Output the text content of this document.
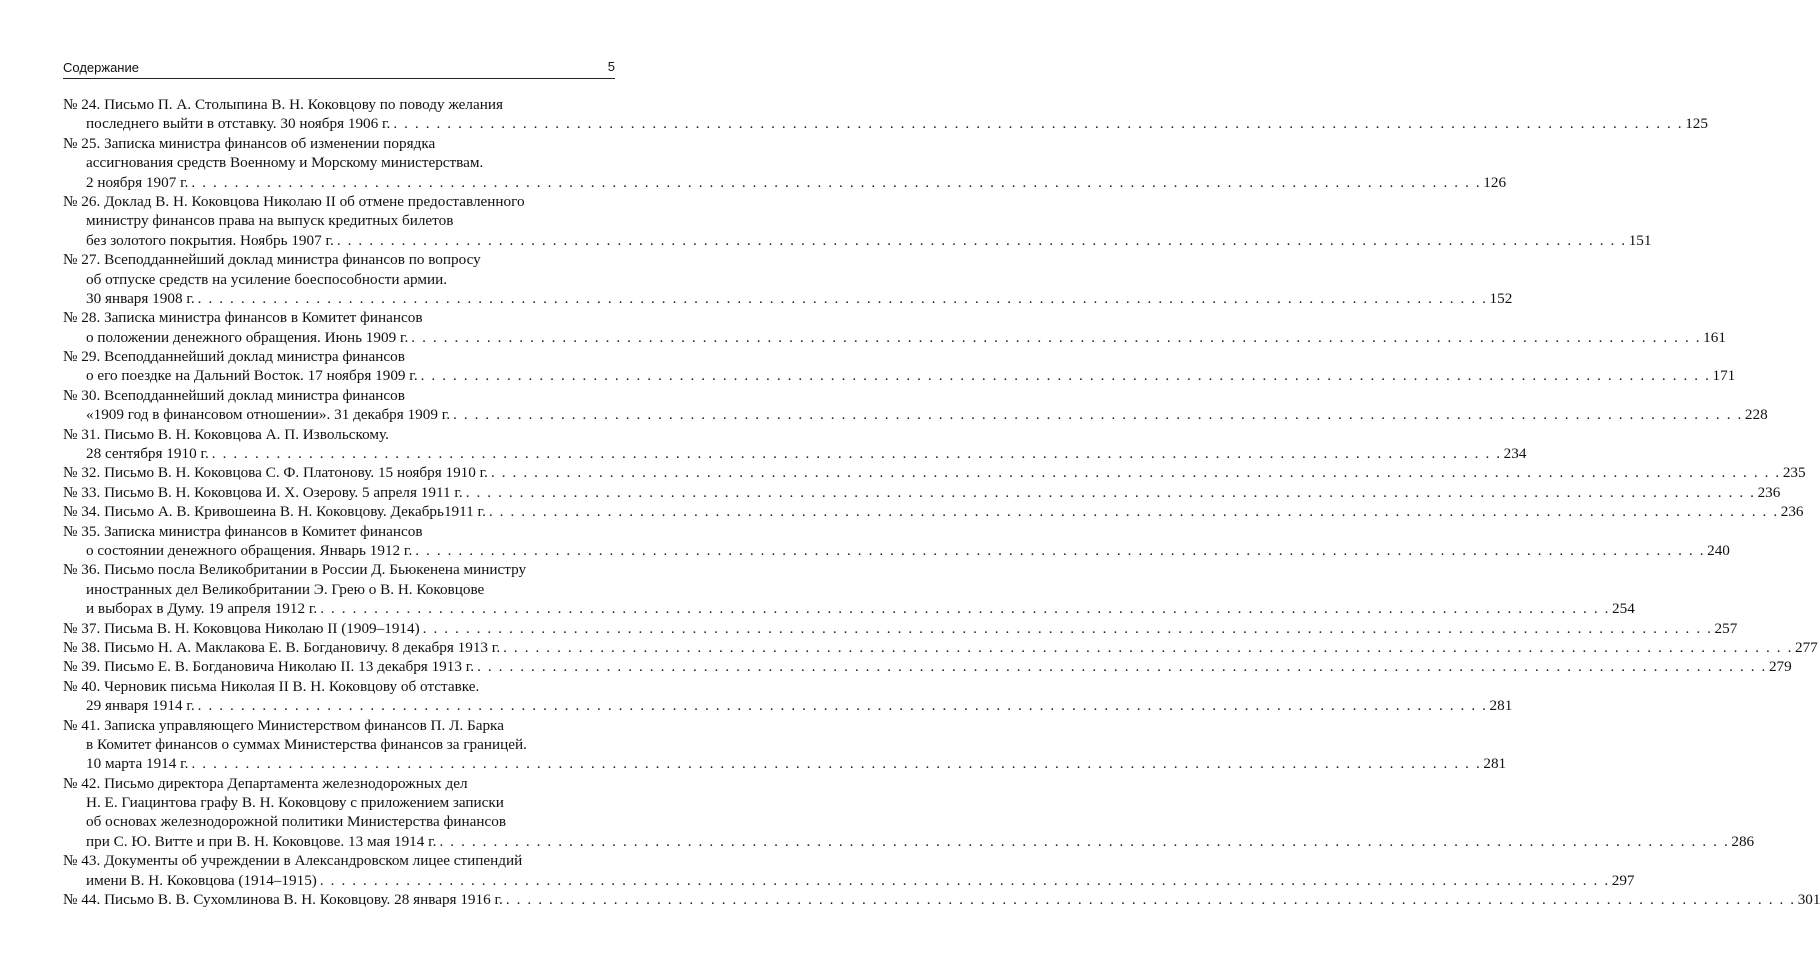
Содержание	5
№ 24. Письмо П. А. Столыпина В. Н. Коковцову по поводу желания
последнего выйти в отставку. 30 ноября 1906 г. . . . . . . . . . . . . . . . . . . . . . . . . . . . . . . . . . . . . . . . . . . . . . . . . . . . . . . . . . . . . . . . . . . . . . . . . . . . . . . . . . . . . . . . . . . . . . . . . . . . . . . . . . . . . . . . . . . . . . . . . 125
№ 25. Записка министра финансов об изменении порядка
ассигнования средств Военному и Морскому министерствам.
2 ноября 1907 г. . . . . . . . . . . . . . . . . . . . . . . . . . . . . . . . . . . . . . . . . . . . . . . . . . . . . . . . . . . . . . . . . . . . . . . . . . . . . . . . . . . . . . . . . . . . . . . . . . . . . . . . . . . . . . . . . . . . . . . . . 126
№ 26. Доклад В. Н. Коковцова Николаю II об отмене предоставленного
министру финансов права на выпуск кредитных билетов
без золотого покрытия. Ноябрь 1907 г. . . . . . . . . . . . . . . . . . . . . . . . . . . . . . . . . . . . . . . . . . . . . . . . . . . . . . . . . . . . . . . . . . . . . . . . . . . . . . . . . . . . . . . . . . . . . . . . . . . . . . . . . . . . . . . . . . . . . . . . . 151
№ 27. Всеподданнейший доклад министра финансов по вопросу
об отпуске средств на усиление боеспособности армии.
30 января 1908 г. . . . . . . . . . . . . . . . . . . . . . . . . . . . . . . . . . . . . . . . . . . . . . . . . . . . . . . . . . . . . . . . . . . . . . . . . . . . . . . . . . . . . . . . . . . . . . . . . . . . . . . . . . . . . . . . . . . . . . . . . 152
№ 28. Записка министра финансов в Комитет финансов
о положении денежного обращения. Июнь 1909 г. . . . . . . . . . . . . . . . . . . . . . . . . . . . . . . . . . . . . . . . . . . . . . . . . . . . . . . . . . . . . . . . . . . . . . . . . . . . . . . . . . . . . . . . . . . . . . . . . . . . . . . . . . . . . . . . . . . . . . . . . 161
№ 29. Всеподданнейший доклад министра финансов
о его поездке на Дальний Восток. 17 ноября 1909 г. . . . . . . . . . . . . . . . . . . . . . . . . . . . . . . . . . . . . . . . . . . . . . . . . . . . . . . . . . . . . . . . . . . . . . . . . . . . . . . . . . . . . . . . . . . . . . . . . . . . . . . . . . . . . . . . . . . . . . . . . 171
№ 30. Всеподданнейший доклад министра финансов
«1909 год в финансовом отношении». 31 декабря 1909 г. . . . . . . . . . . . . . . . . . . . . . . . . . . . . . . . . . . . . . . . . . . . . . . . . . . . . . . . . . . . . . . . . . . . . . . . . . . . . . . . . . . . . . . . . . . . . . . . . . . . . . . . . . . . . . . . . . . . . . . . . 228
№ 31. Письмо В. Н. Коковцова А. П. Извольскому.
28 сентября 1910 г. . . . . . . . . . . . . . . . . . . . . . . . . . . . . . . . . . . . . . . . . . . . . . . . . . . . . . . . . . . . . . . . . . . . . . . . . . . . . . . . . . . . . . . . . . . . . . . . . . . . . . . . . . . . . . . . . . . . . . . . . 234
№ 32. Письмо В. Н. Коковцова С. Ф. Платонову. 15 ноября 1910 г. . . . . . . . . . . . . . . . . . . . . . . . . . . . . . . . . . . . . . . . . . . . . . . . . . . . . . . . . . . . . . . . . . . . . . . . . . . . . . . . . . . . . . . . . . . . . . . . . . . . . . . . . . . . . . . . . . . . . . . . . 235
№ 33. Письмо В. Н. Коковцова И. Х. Озерову. 5 апреля 1911 г. . . . . . . . . . . . . . . . . . . . . . . . . . . . . . . . . . . . . . . . . . . . . . . . . . . . . . . . . . . . . . . . . . . . . . . . . . . . . . . . . . . . . . . . . . . . . . . . . . . . . . . . . . . . . . . . . . . . . . . . . 236
№ 34. Письмо А. В. Кривошеина В. Н. Коковцову. Декабрь1911 г. . . . . . . . . . . . . . . . . . . . . . . . . . . . . . . . . . . . . . . . . . . . . . . . . . . . . . . . . . . . . . . . . . . . . . . . . . . . . . . . . . . . . . . . . . . . . . . . . . . . . . . . . . . . . . . . . . . . . . . . . 236
№ 35. Записка министра финансов в Комитет финансов
о состоянии денежного обращения. Январь 1912 г. . . . . . . . . . . . . . . . . . . . . . . . . . . . . . . . . . . . . . . . . . . . . . . . . . . . . . . . . . . . . . . . . . . . . . . . . . . . . . . . . . . . . . . . . . . . . . . . . . . . . . . . . . . . . . . . . . . . . . . . . 240
№ 36. Письмо посла Великобритании в России Д. Бьюкенена министру
иностранных дел Великобритании Э. Грею о В. Н. Коковцове
и выборах в Думу. 19 апреля 1912 г. . . . . . . . . . . . . . . . . . . . . . . . . . . . . . . . . . . . . . . . . . . . . . . . . . . . . . . . . . . . . . . . . . . . . . . . . . . . . . . . . . . . . . . . . . . . . . . . . . . . . . . . . . . . . . . . . . . . . . . . . 254
№ 37. Письма В. Н. Коковцова Николаю II (1909–1914) . . . . . . . . . . . . . . . . . . . . . . . . . . . . . . . . . . . . . . . . . . . . . . . . . . . . . . . . . . . . . . . . . . . . . . . . . . . . . . . . . . . . . . . . . . . . . . . . . . . . . . . . . . . . . . . . . . . . . . . . 257
№ 38. Письмо Н. А. Маклакова Е. В. Богдановичу. 8 декабря 1913 г. . . . . . . . . . . . . . . . . . . . . . . . . . . . . . . . . . . . . . . . . . . . . . . . . . . . . . . . . . . . . . . . . . . . . . . . . . . . . . . . . . . . . . . . . . . . . . . . . . . . . . . . . . . . . . . . . . . . . . . . . 277
№ 39. Письмо Е. В. Богдановича Николаю II. 13 декабря 1913 г. . . . . . . . . . . . . . . . . . . . . . . . . . . . . . . . . . . . . . . . . . . . . . . . . . . . . . . . . . . . . . . . . . . . . . . . . . . . . . . . . . . . . . . . . . . . . . . . . . . . . . . . . . . . . . . . . . . . . . . . . 279
№ 40. Черновик письма Николая II В. Н. Коковцову об отставке.
29 января 1914 г. . . . . . . . . . . . . . . . . . . . . . . . . . . . . . . . . . . . . . . . . . . . . . . . . . . . . . . . . . . . . . . . . . . . . . . . . . . . . . . . . . . . . . . . . . . . . . . . . . . . . . . . . . . . . . . . . . . . . . . . . 281
№ 41. Записка управляющего Министерством финансов П. Л. Барка
в Комитет финансов о суммах Министерства финансов за границей.
10 марта 1914 г. . . . . . . . . . . . . . . . . . . . . . . . . . . . . . . . . . . . . . . . . . . . . . . . . . . . . . . . . . . . . . . . . . . . . . . . . . . . . . . . . . . . . . . . . . . . . . . . . . . . . . . . . . . . . . . . . . . . . . . . . 281
№ 42. Письмо директора Департамента железнодорожных дел
Н. Е. Гиацинтова графу В. Н. Коковцову с приложением записки
об основах железнодорожной политики Министерства финансов
при С. Ю. Витте и при В. Н. Коковцове. 13 мая 1914 г. . . . . . . . . . . . . . . . . . . . . . . . . . . . . . . . . . . . . . . . . . . . . . . . . . . . . . . . . . . . . . . . . . . . . . . . . . . . . . . . . . . . . . . . . . . . . . . . . . . . . . . . . . . . . . . . . . . . . . . . . 286
№ 43. Документы об учреждении в Александровском лицее стипендий
имени В. Н. Коковцова (1914–1915) . . . . . . . . . . . . . . . . . . . . . . . . . . . . . . . . . . . . . . . . . . . . . . . . . . . . . . . . . . . . . . . . . . . . . . . . . . . . . . . . . . . . . . . . . . . . . . . . . . . . . . . . . . . . . . . . . . . . . . . . 297
№ 44. Письмо В. В. Сухомлинова В. Н. Коковцову. 28 января 1916 г. . . . . . . . . . . . . . . . . . . . . . . . . . . . . . . . . . . . . . . . . . . . . . . . . . . . . . . . . . . . . . . . . . . . . . . . . . . . . . . . . . . . . . . . . . . . . . . . . . . . . . . . . . . . . . . . . . . . . . . . . 301
